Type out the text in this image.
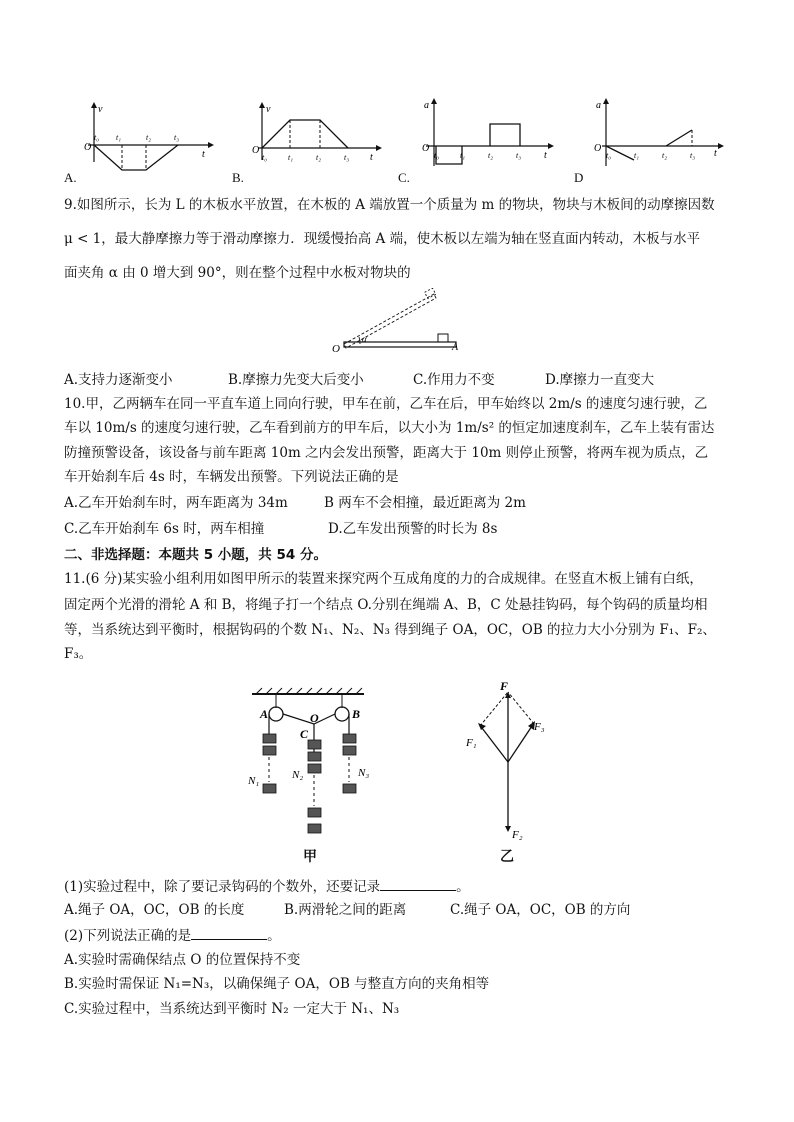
v
O
t₀ t₁	t₂	t₃
t
A.
v
O
t₀	t₁	t₂	t₃ t
B.
a
O
t₀	t₁	t₂	t₃ t
C.
a
O
t₀	t₁	t₂	t₃ t
D
9.如图所示，长为 L 的木板水平放置，在木板的 A 端放置一个质量为 m 的物块，物块与木板间的动摩擦因数
μ < 1，最大静摩擦力等于滑动摩擦力．现缓慢抬高 A 端，使木板以左端为轴在竖直面内转动，木板与水平
面夹角 α 由 0 增大到 90°，则在整个过程中水板对物块的
O	A
α
A.支持力逐渐变小	B.摩擦力先变大后变小	C.作用力不变	D.摩擦力一直变大
10.甲，乙两辆车在同一平直车道上同向行驶，甲车在前，乙车在后，甲车始终以 2m/s 的速度匀速行驶，乙
车以 10m/s 的速度匀速行驶，乙车看到前方的甲车后，以大小为 1m/s² 的恒定加速度刹车，乙车上装有雷达
防撞预警设备，该设备与前车距离 10m 之内会发出预警，距离大于 10m 则停止预警，将两车视为质点，乙
车开始刹车后 4s 时，车辆发出预警。下列说法正确的是
A.乙车开始刹车时，两车距离为 34m	B 两车不会相撞，最近距离为 2m
C.乙车开始刹车 6s 时，两车相撞	D.乙车发出预警的时长为 8s
二、非选择题：本题共 5 小题，共 54 分。
11.(6 分)某实验小组利用如图甲所示的装置来探究两个互成角度的力的合成规律。在竖直木板上铺有白纸，
固定两个光滑的滑轮 A 和 B，将绳子打一个结点 O.分别在绳端 A、B，C 处悬挂钩码，每个钩码的质量均相
等，当系统达到平衡时，根据钩码的个数 N₁、N₂、N₃ 得到绳子 OA，OC，OB 的拉力大小分别为 F₁、F₂、
F₃。
A	B
O
C
N₁	N₂	N₃
甲
F
F₁
F₃
F₂
乙
(1)实验过程中，除了要记录钩码的个数外，还要记录	。
A.绳子 OA，OC，OB 的长度	B.两滑轮之间的距离	C.绳子 OA，OC，OB 的方向
(2)下列说法正确的是	。
A.实验时需确保结点 O 的位置保持不变
B.实验时需保证 N₁=N₃，以确保绳子 OA，OB 与整直方向的夹角相等
C.实验过程中，当系统达到平衡时 N₂ 一定大于 N₁、N₃
